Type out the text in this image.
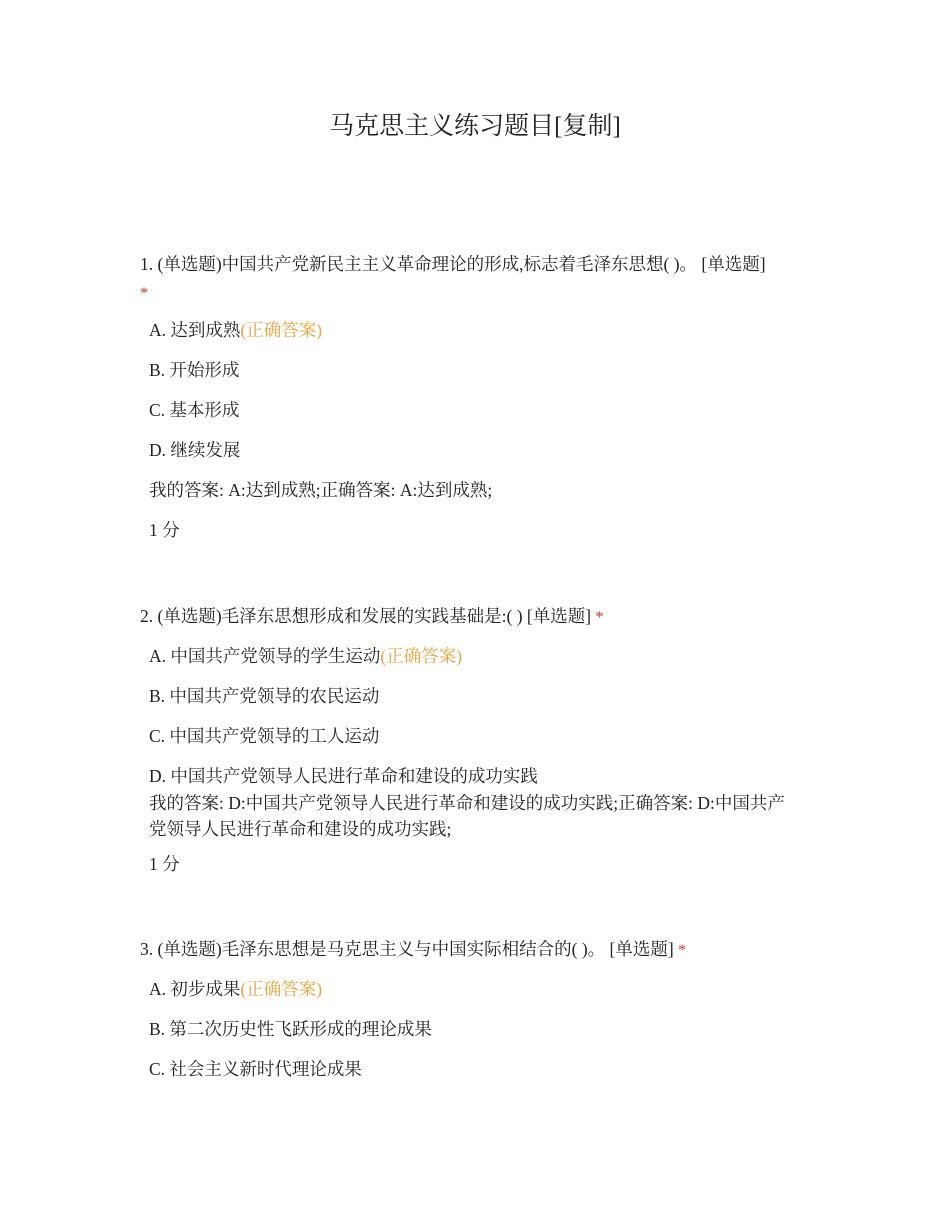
马克思主义练习题目[复制]
1. (单选题)中国共产党新民主主义革命理论的形成,标志着毛泽东思想( )。 [单选题]
*
A. 达到成熟(正确答案)
B. 开始形成
C. 基本形成
D. 继续发展
我的答案: A:达到成熟;正确答案: A:达到成熟;
1 分
2. (单选题)毛泽东思想形成和发展的实践基础是:( ) [单选题] *
A. 中国共产党领导的学生运动(正确答案)
B. 中国共产党领导的农民运动
C. 中国共产党领导的工人运动
D. 中国共产党领导人民进行革命和建设的成功实践
我的答案: D:中国共产党领导人民进行革命和建设的成功实践;正确答案: D:中国共产党领导人民进行革命和建设的成功实践;
1 分
3. (单选题)毛泽东思想是马克思主义与中国实际相结合的( )。 [单选题] *
A. 初步成果(正确答案)
B. 第二次历史性飞跃形成的理论成果
C. 社会主义新时代理论成果
